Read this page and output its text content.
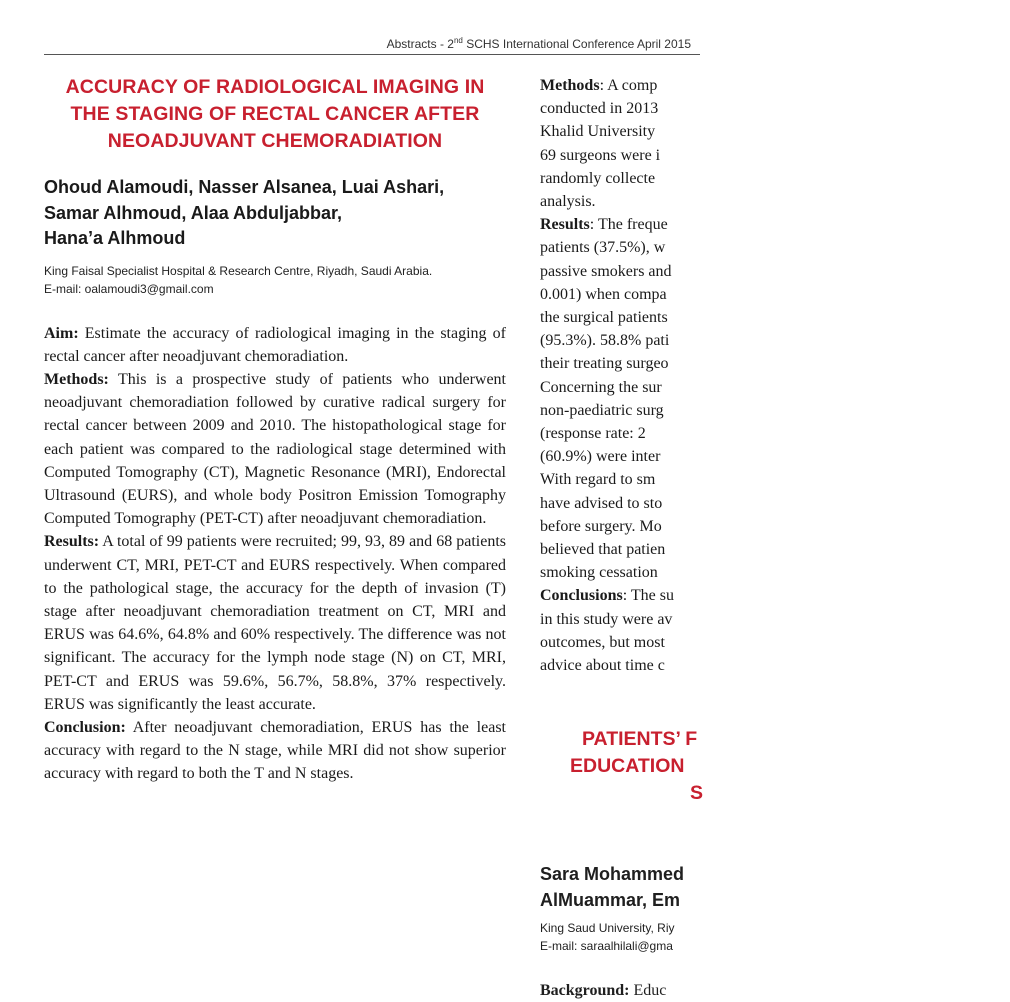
Abstracts - 2nd SCHS International Conference April 2015
ACCURACY OF RADIOLOGICAL IMAGING IN
THE STAGING OF RECTAL CANCER AFTER
NEOADJUVANT CHEMORADIATION
Ohoud Alamoudi, Nasser Alsanea, Luai Ashari,
Samar Alhmoud, Alaa Abduljabbar,
Hana’a Alhmoud
King Faisal Specialist Hospital & Research Centre, Riyadh, Saudi Arabia.
E-mail: oalamoudi3@gmail.com

Aim: Estimate the accuracy of radiological imaging in the staging of rectal cancer after neoadjuvant chemoradiation.

Methods: This is a prospective study of patients who underwent neoadjuvant chemoradiation followed by curative radical surgery for rectal cancer between 2009 and 2010. The histopathological stage for each patient was compared to the radiological stage determined with Computed Tomography (CT), Magnetic Resonance (MRI), Endorectal Ultrasound (EURS), and whole body Positron Emission Tomography Computed Tomography (PET-CT) after neoadjuvant chemoradiation.

Results: A total of 99 patients were recruited; 99, 93, 89 and 68 patients underwent CT, MRI, PET-CT and EURS respectively. When compared to the pathological stage, the accuracy for the depth of invasion (T) stage after neoadjuvant chemoradiation treatment on CT, MRI and ERUS was 64.6%, 64.8% and 60% respectively. The difference was not significant. The accuracy for the lymph node stage (N) on CT, MRI, PET-CT and ERUS was 59.6%, 56.7%, 58.8%, 37% respectively. ERUS was significantly the least accurate.

Conclusion: After neoadjuvant chemoradiation, ERUS has the least accuracy with regard to the N stage, while MRI did not show superior accuracy with regard to both the T and N stages.

Methods: A comp
conducted in 2013
Khalid University
69 surgeons were i
randomly collecte
analysis.
Results: The freque
patients (37.5%), w
passive smokers and
0.001) when compa
the surgical patients
(95.3%). 58.8% pati
their treating surgeo
Concerning the sur
non-paediatric surg
(response rate: 2
(60.9%) were inter
With regard to sm
have advised to sto
before surgery. Mo
believed that patien
smoking cessation
Conclusions: The su
in this study were av
outcomes, but most
advice about time c
PATIENTS’ F
EDUCATION
S
Sara Mohammed
AlMuammar, Em
King Saud University, Riy
E-mail: saraalhilali@gma
Background: Educ
